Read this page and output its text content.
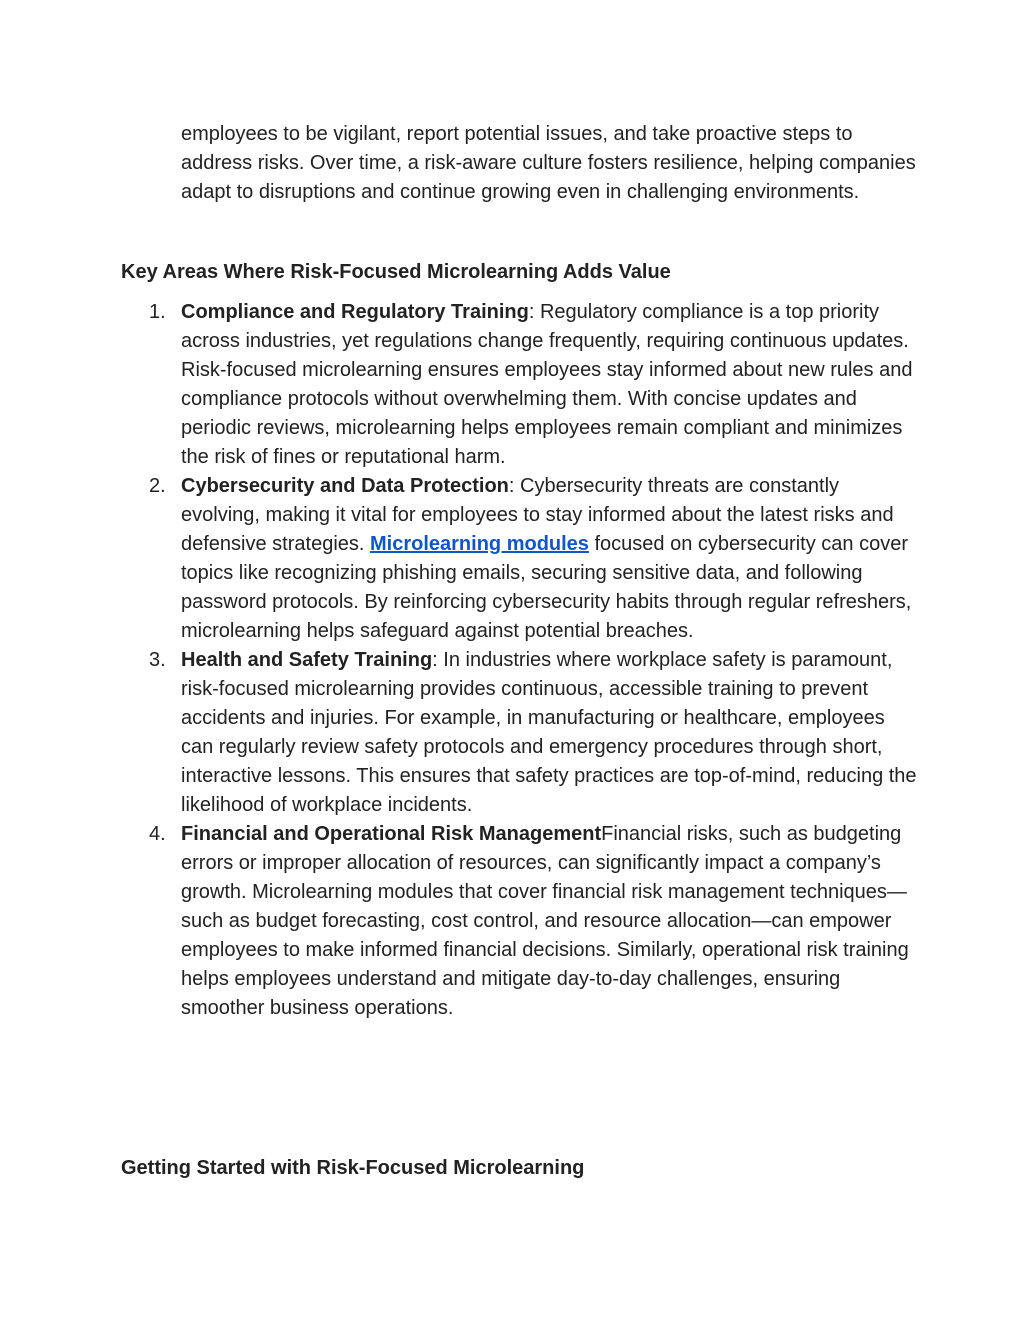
employees to be vigilant, report potential issues, and take proactive steps to address risks. Over time, a risk-aware culture fosters resilience, helping companies adapt to disruptions and continue growing even in challenging environments.

Key Areas Where Risk-Focused Microlearning Adds Value
1. Compliance and Regulatory Training: Regulatory compliance is a top priority across industries, yet regulations change frequently, requiring continuous updates. Risk-focused microlearning ensures employees stay informed about new rules and compliance protocols without overwhelming them. With concise updates and periodic reviews, microlearning helps employees remain compliant and minimizes the risk of fines or reputational harm.
2. Cybersecurity and Data Protection: Cybersecurity threats are constantly evolving, making it vital for employees to stay informed about the latest risks and defensive strategies. Microlearning modules focused on cybersecurity can cover topics like recognizing phishing emails, securing sensitive data, and following password protocols. By reinforcing cybersecurity habits through regular refreshers, microlearning helps safeguard against potential breaches.
3. Health and Safety Training: In industries where workplace safety is paramount, risk-focused microlearning provides continuous, accessible training to prevent accidents and injuries. For example, in manufacturing or healthcare, employees can regularly review safety protocols and emergency procedures through short, interactive lessons. This ensures that safety practices are top-of-mind, reducing the likelihood of workplace incidents.
4. Financial and Operational Risk ManagementFinancial risks, such as budgeting errors or improper allocation of resources, can significantly impact a company’s growth. Microlearning modules that cover financial risk management techniques—such as budget forecasting, cost control, and resource allocation—can empower employees to make informed financial decisions. Similarly, operational risk training helps employees understand and mitigate day-to-day challenges, ensuring smoother business operations.
Getting Started with Risk-Focused Microlearning
